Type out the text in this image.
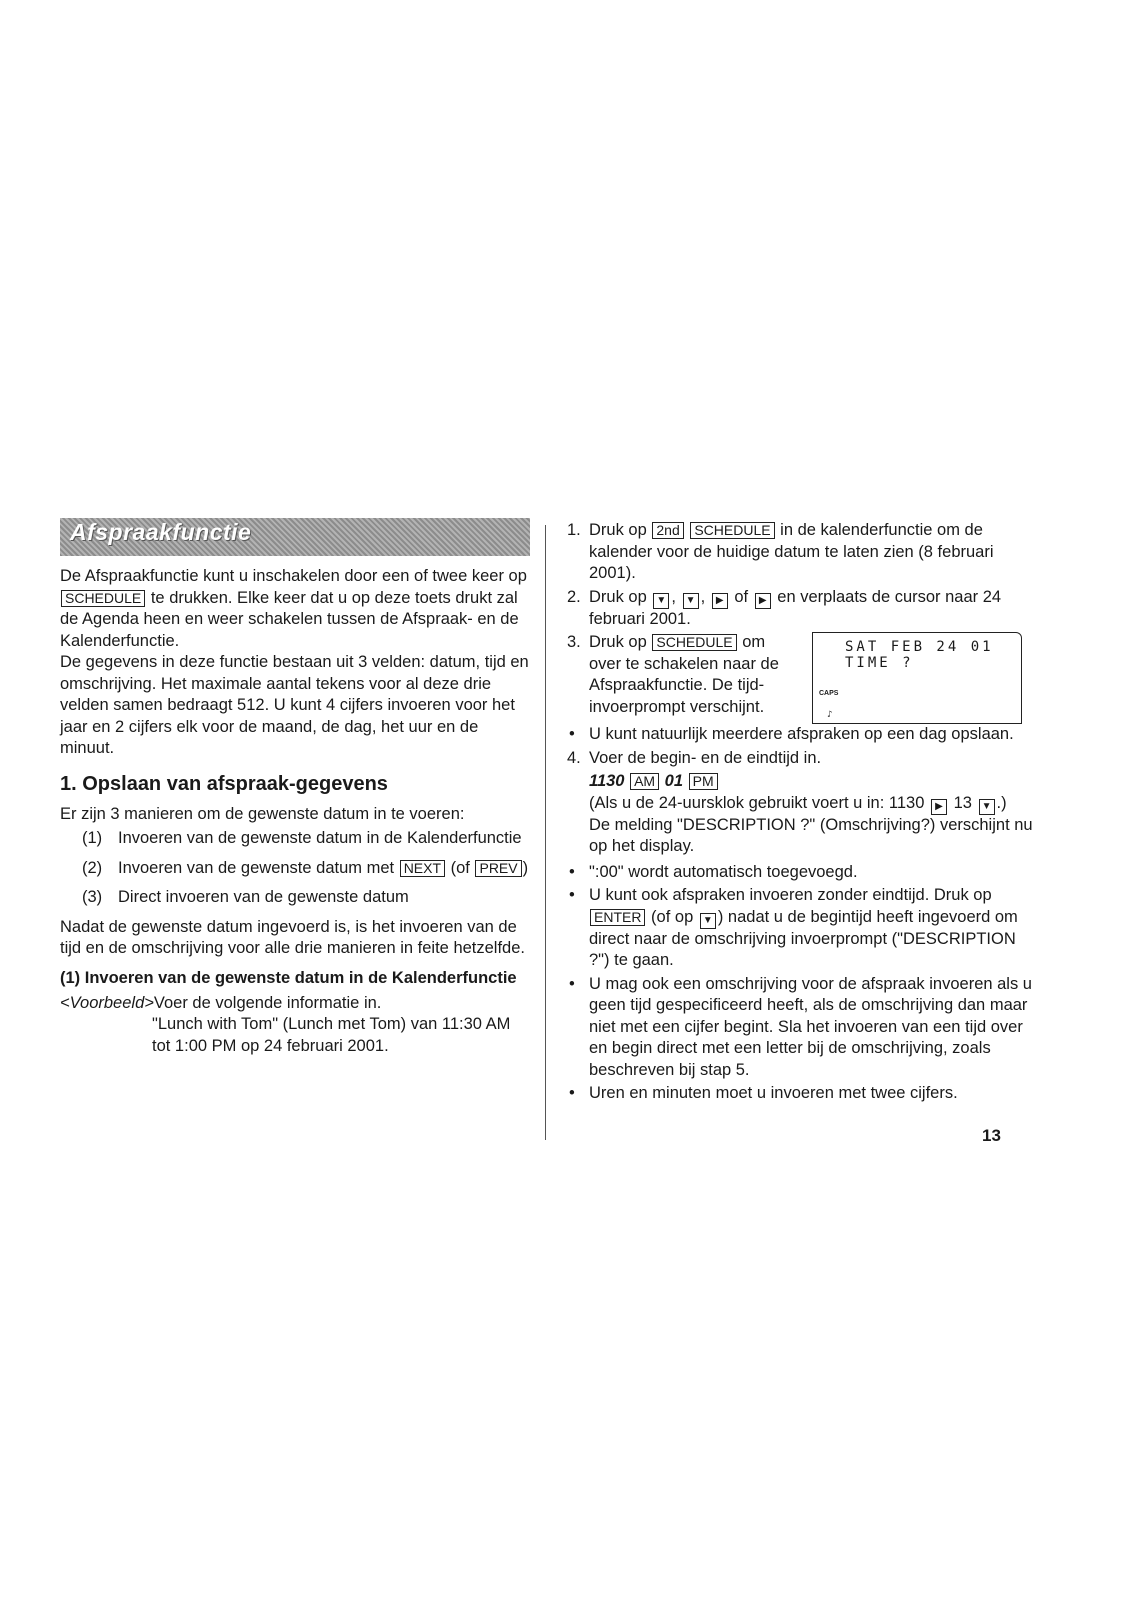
Afspraakfunctie

De Afspraakfunctie kunt u inschakelen door een of twee keer op SCHEDULE te drukken. Elke keer dat u op deze toets drukt zal de Agenda heen en weer schakelen tussen de Afspraak- en de Kalenderfunctie.

De gegevens in deze functie bestaan uit 3 velden: datum, tijd en omschrijving. Het maximale aantal tekens voor al deze drie velden samen bedraagt 512. U kunt 4 cijfers invoeren voor het jaar en 2 cijfers elk voor de maand, de dag, het uur en de minuut.

1. Opslaan van afspraak-gegevens

Er zijn 3 manieren om de gewenste datum in te voeren:

(1) Invoeren van de gewenste datum in de Kalenderfunctie
(2) Invoeren van de gewenste datum met NEXT (of PREV )
(3) Direct invoeren van de gewenste datum

Nadat de gewenste datum ingevoerd is, is het invoeren van de tijd en de omschrijving voor alle drie manieren in feite hetzelfde.

(1) Invoeren van de gewenste datum in de Kalenderfunctie

<Voorbeeld>Voer de volgende informatie in.

"Lunch with Tom" (Lunch met Tom) van 11:30 AM tot 1:00 PM op 24 februari 2001.

1. Druk op 2nd SCHEDULE in de kalenderfunctie om de kalender voor de huidige datum te laten zien (8 februari 2001).
2. Druk op ▼ , ▼ , ▶ of ▶ en verplaats de cursor naar 24 februari 2001.
3. Druk op SCHEDULE om over te schakelen naar de Afspraakfunctie. De tijd-invoerprompt verschijnt.
SAT FEB 24 01
TIME ?
CAPS
♪
• U kunt natuurlijk meerdere afspraken op een dag opslaan.
4. Voer de begin- en de eindtijd in.
1130 AM 01 PM
(Als u de 24-uursklok gebruikt voert u in: 1130 ▶ 13 ▼ .)
De melding "DESCRIPTION ?" (Omschrijving?) verschijnt nu op het display.
• ":00" wordt automatisch toegevoegd.
• U kunt ook afspraken invoeren zonder eindtijd. Druk op ENTER (of op ▼ ) nadat u de begintijd heeft ingevoerd om direct naar de omschrijving invoerprompt ("DESCRIPTION ?") te gaan.
• U mag ook een omschrijving voor de afspraak invoeren als u geen tijd gespecificeerd heeft, als de omschrijving dan maar niet met een cijfer begint. Sla het invoeren van een tijd over en begin direct met een letter bij de omschrijving, zoals beschreven bij stap 5.
• Uren en minuten moet u invoeren met twee cijfers.
13
